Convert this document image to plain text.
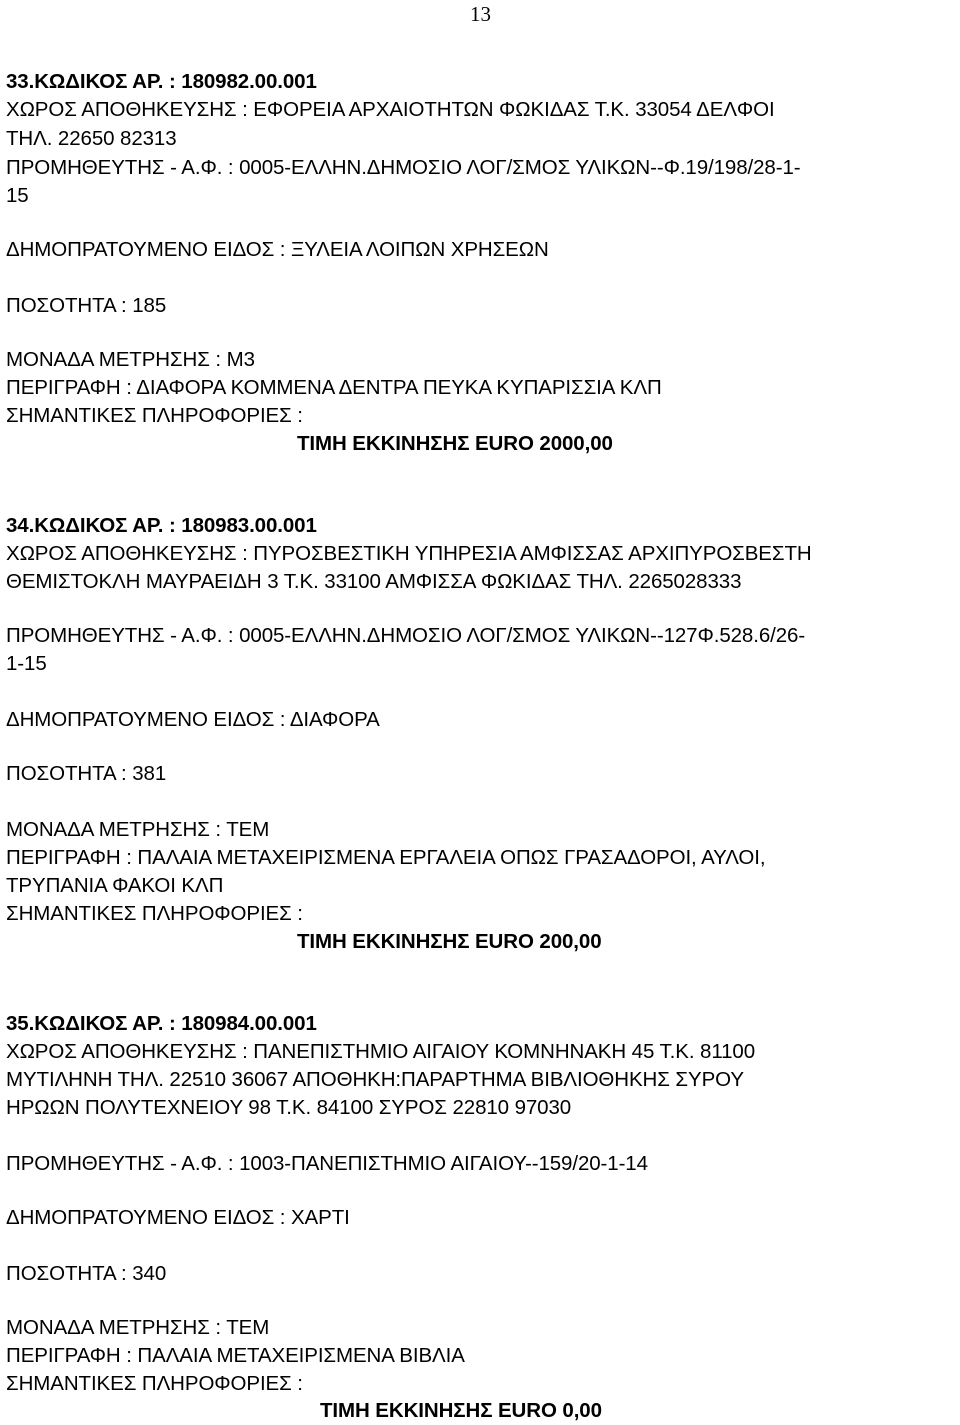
13
33.ΚΩΔΙΚΟΣ ΑΡ. : 180982.00.001
ΧΩΡΟΣ ΑΠΟΘΗΚΕΥΣΗΣ : ΕΦΟΡΕΙΑ ΑΡΧΑΙΟΤΗΤΩΝ ΦΩΚΙΔΑΣ Τ.Κ. 33054 ΔΕΛΦΟΙ
ΤΗΛ. 22650 82313
ΠΡΟΜΗΘΕΥΤΗΣ - Α.Φ. : 0005-ΕΛΛΗΝ.ΔΗΜΟΣΙΟ ΛΟΓ/ΣΜΟΣ ΥΛΙΚΩΝ--Φ.19/198/28-1-
15
ΔΗΜΟΠΡΑΤΟΥΜΕΝΟ ΕΙΔΟΣ : ΞΥΛΕΙΑ ΛΟΙΠΩΝ ΧΡΗΣΕΩΝ
ΠΟΣΟΤΗΤΑ : 185
ΜΟΝΑΔΑ ΜΕΤΡΗΣΗΣ : Μ3
ΠΕΡΙΓΡΑΦΗ : ΔΙΑΦΟΡΑ ΚΟΜΜΕΝΑ ΔΕΝΤΡΑ ΠΕΥΚΑ ΚΥΠΑΡΙΣΣΙΑ ΚΛΠ
ΣΗΜΑΝΤΙΚΕΣ ΠΛΗΡΟΦΟΡΙΕΣ :
ΤΙΜΗ ΕΚΚΙΝΗΣΗΣ EURO 2000,00
34.ΚΩΔΙΚΟΣ ΑΡ. : 180983.00.001
ΧΩΡΟΣ ΑΠΟΘΗΚΕΥΣΗΣ : ΠΥΡΟΣΒΕΣΤΙΚΗ ΥΠΗΡΕΣΙΑ ΑΜΦΙΣΣΑΣ ΑΡΧΙΠΥΡΟΣΒΕΣΤΗ
ΘΕΜΙΣΤΟΚΛΗ ΜΑΥΡΑΕΙΔΗ 3 Τ.Κ. 33100 ΑΜΦΙΣΣΑ ΦΩΚΙΔΑΣ ΤΗΛ. 2265028333
ΠΡΟΜΗΘΕΥΤΗΣ - Α.Φ. : 0005-ΕΛΛΗΝ.ΔΗΜΟΣΙΟ ΛΟΓ/ΣΜΟΣ ΥΛΙΚΩΝ--127Φ.528.6/26-
1-15
ΔΗΜΟΠΡΑΤΟΥΜΕΝΟ ΕΙΔΟΣ : ΔΙΑΦΟΡΑ
ΠΟΣΟΤΗΤΑ : 381
ΜΟΝΑΔΑ ΜΕΤΡΗΣΗΣ : ΤΕΜ
ΠΕΡΙΓΡΑΦΗ : ΠΑΛΑΙΑ ΜΕΤΑΧΕΙΡΙΣΜΕΝΑ ΕΡΓΑΛΕΙΑ ΟΠΩΣ ΓΡΑΣΑΔΟΡΟΙ, ΑΥΛΟΙ,
ΤΡΥΠΑΝΙΑ ΦΑΚΟΙ ΚΛΠ
ΣΗΜΑΝΤΙΚΕΣ ΠΛΗΡΟΦΟΡΙΕΣ :
ΤΙΜΗ ΕΚΚΙΝΗΣΗΣ EURO 200,00
35.ΚΩΔΙΚΟΣ ΑΡ. : 180984.00.001
ΧΩΡΟΣ ΑΠΟΘΗΚΕΥΣΗΣ : ΠΑΝΕΠΙΣΤΗΜΙΟ ΑΙΓΑΙΟΥ ΚΟΜΝΗΝΑΚΗ 45 Τ.Κ. 81100
ΜΥΤΙΛΗΝΗ ΤΗΛ. 22510 36067 ΑΠΟΘΗΚΗ:ΠΑΡΑΡΤΗΜΑ ΒΙΒΛΙΟΘΗΚΗΣ ΣΥΡΟΥ
ΗΡΩΩΝ ΠΟΛΥΤΕΧΝΕΙΟΥ 98 Τ.Κ. 84100 ΣΥΡΟΣ 22810 97030
ΠΡΟΜΗΘΕΥΤΗΣ - Α.Φ. : 1003-ΠΑΝΕΠΙΣΤΗΜΙΟ ΑΙΓΑΙΟΥ--159/20-1-14
ΔΗΜΟΠΡΑΤΟΥΜΕΝΟ ΕΙΔΟΣ : ΧΑΡΤΙ
ΠΟΣΟΤΗΤΑ : 340
ΜΟΝΑΔΑ ΜΕΤΡΗΣΗΣ : ΤΕΜ
ΠΕΡΙΓΡΑΦΗ : ΠΑΛΑΙΑ ΜΕΤΑΧΕΙΡΙΣΜΕΝΑ ΒΙΒΛΙΑ
ΣΗΜΑΝΤΙΚΕΣ ΠΛΗΡΟΦΟΡΙΕΣ :
ΤΙΜΗ ΕΚΚΙΝΗΣΗΣ EURO 0,00
